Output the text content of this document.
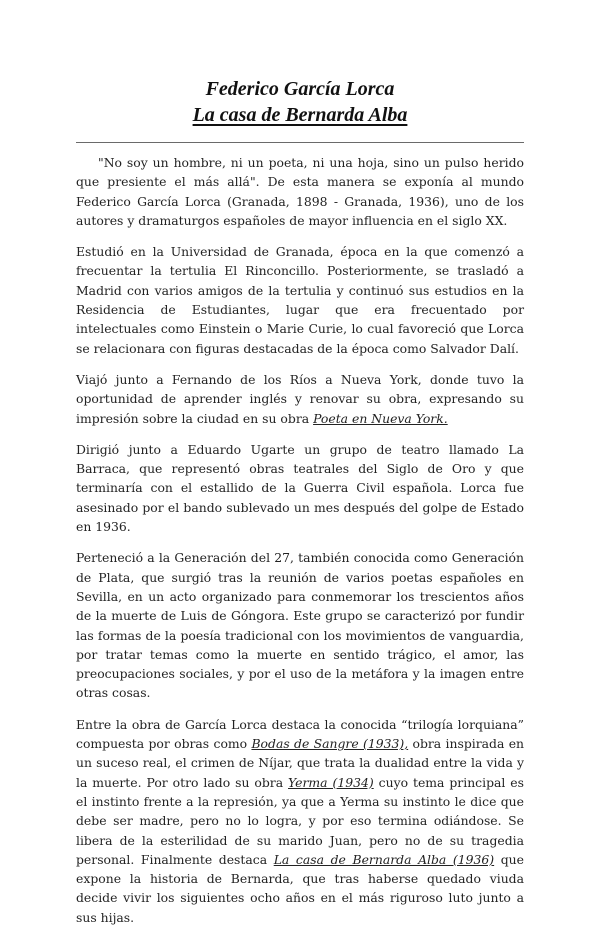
Federico García Lorca
La casa de Bernarda Alba

"No soy un hombre, ni un poeta, ni una hoja, sino un pulso herido que presiente el más allá". De esta manera se exponía al mundo Federico García Lorca (Granada, 1898 - Granada, 1936), uno de los autores y dramaturgos españoles de mayor influencia en el siglo XX.

Estudió en la Universidad de Granada, época en la que comenzó a frecuentar la tertulia El Rinconcillo. Posteriormente, se trasladó a Madrid con varios amigos de la tertulia y continuó sus estudios en la Residencia de Estudiantes, lugar que era frecuentado por intelectuales como Einstein o Marie Curie, lo cual favoreció que Lorca se relacionara con figuras destacadas de la época como Salvador Dalí.

Viajó junto a Fernando de los Ríos a Nueva York, donde tuvo la oportunidad de aprender inglés y renovar su obra, expresando su impresión sobre la ciudad en su obra Poeta en Nueva York.

Dirigió junto a Eduardo Ugarte un grupo de teatro llamado La Barraca, que representó obras teatrales del Siglo de Oro y que terminaría con el estallido de la Guerra Civil española. Lorca fue asesinado por el bando sublevado un mes después del golpe de Estado en 1936.

Perteneció a la Generación del 27, también conocida como Generación de Plata, que surgió tras la reunión de varios poetas españoles en Sevilla, en un acto organizado para conmemorar los trescientos años de la muerte de Luis de Góngora. Este grupo se caracterizó por fundir las formas de la poesía tradicional con los movimientos de vanguardia, por tratar temas como la muerte en sentido trágico, el amor, las preocupaciones sociales, y por el uso de la metáfora y la imagen entre otras cosas.

Entre la obra de García Lorca destaca la conocida “trilogía lorquiana” compuesta por obras como Bodas de Sangre (1933), obra inspirada en un suceso real, el crimen de Níjar, que trata la dualidad entre la vida y la muerte. Por otro lado su obra Yerma (1934) cuyo tema principal es el instinto frente a la represión, ya que a Yerma su instinto le dice que debe ser madre, pero no lo logra, y por eso termina odiándose. Se libera de la esterilidad de su marido Juan, pero no de su tragedia personal. Finalmente destaca La casa de Bernarda Alba (1936) que expone la historia de Bernarda, que tras haberse quedado viuda decide vivir los siguientes ocho años en el más riguroso luto junto a sus hijas.
